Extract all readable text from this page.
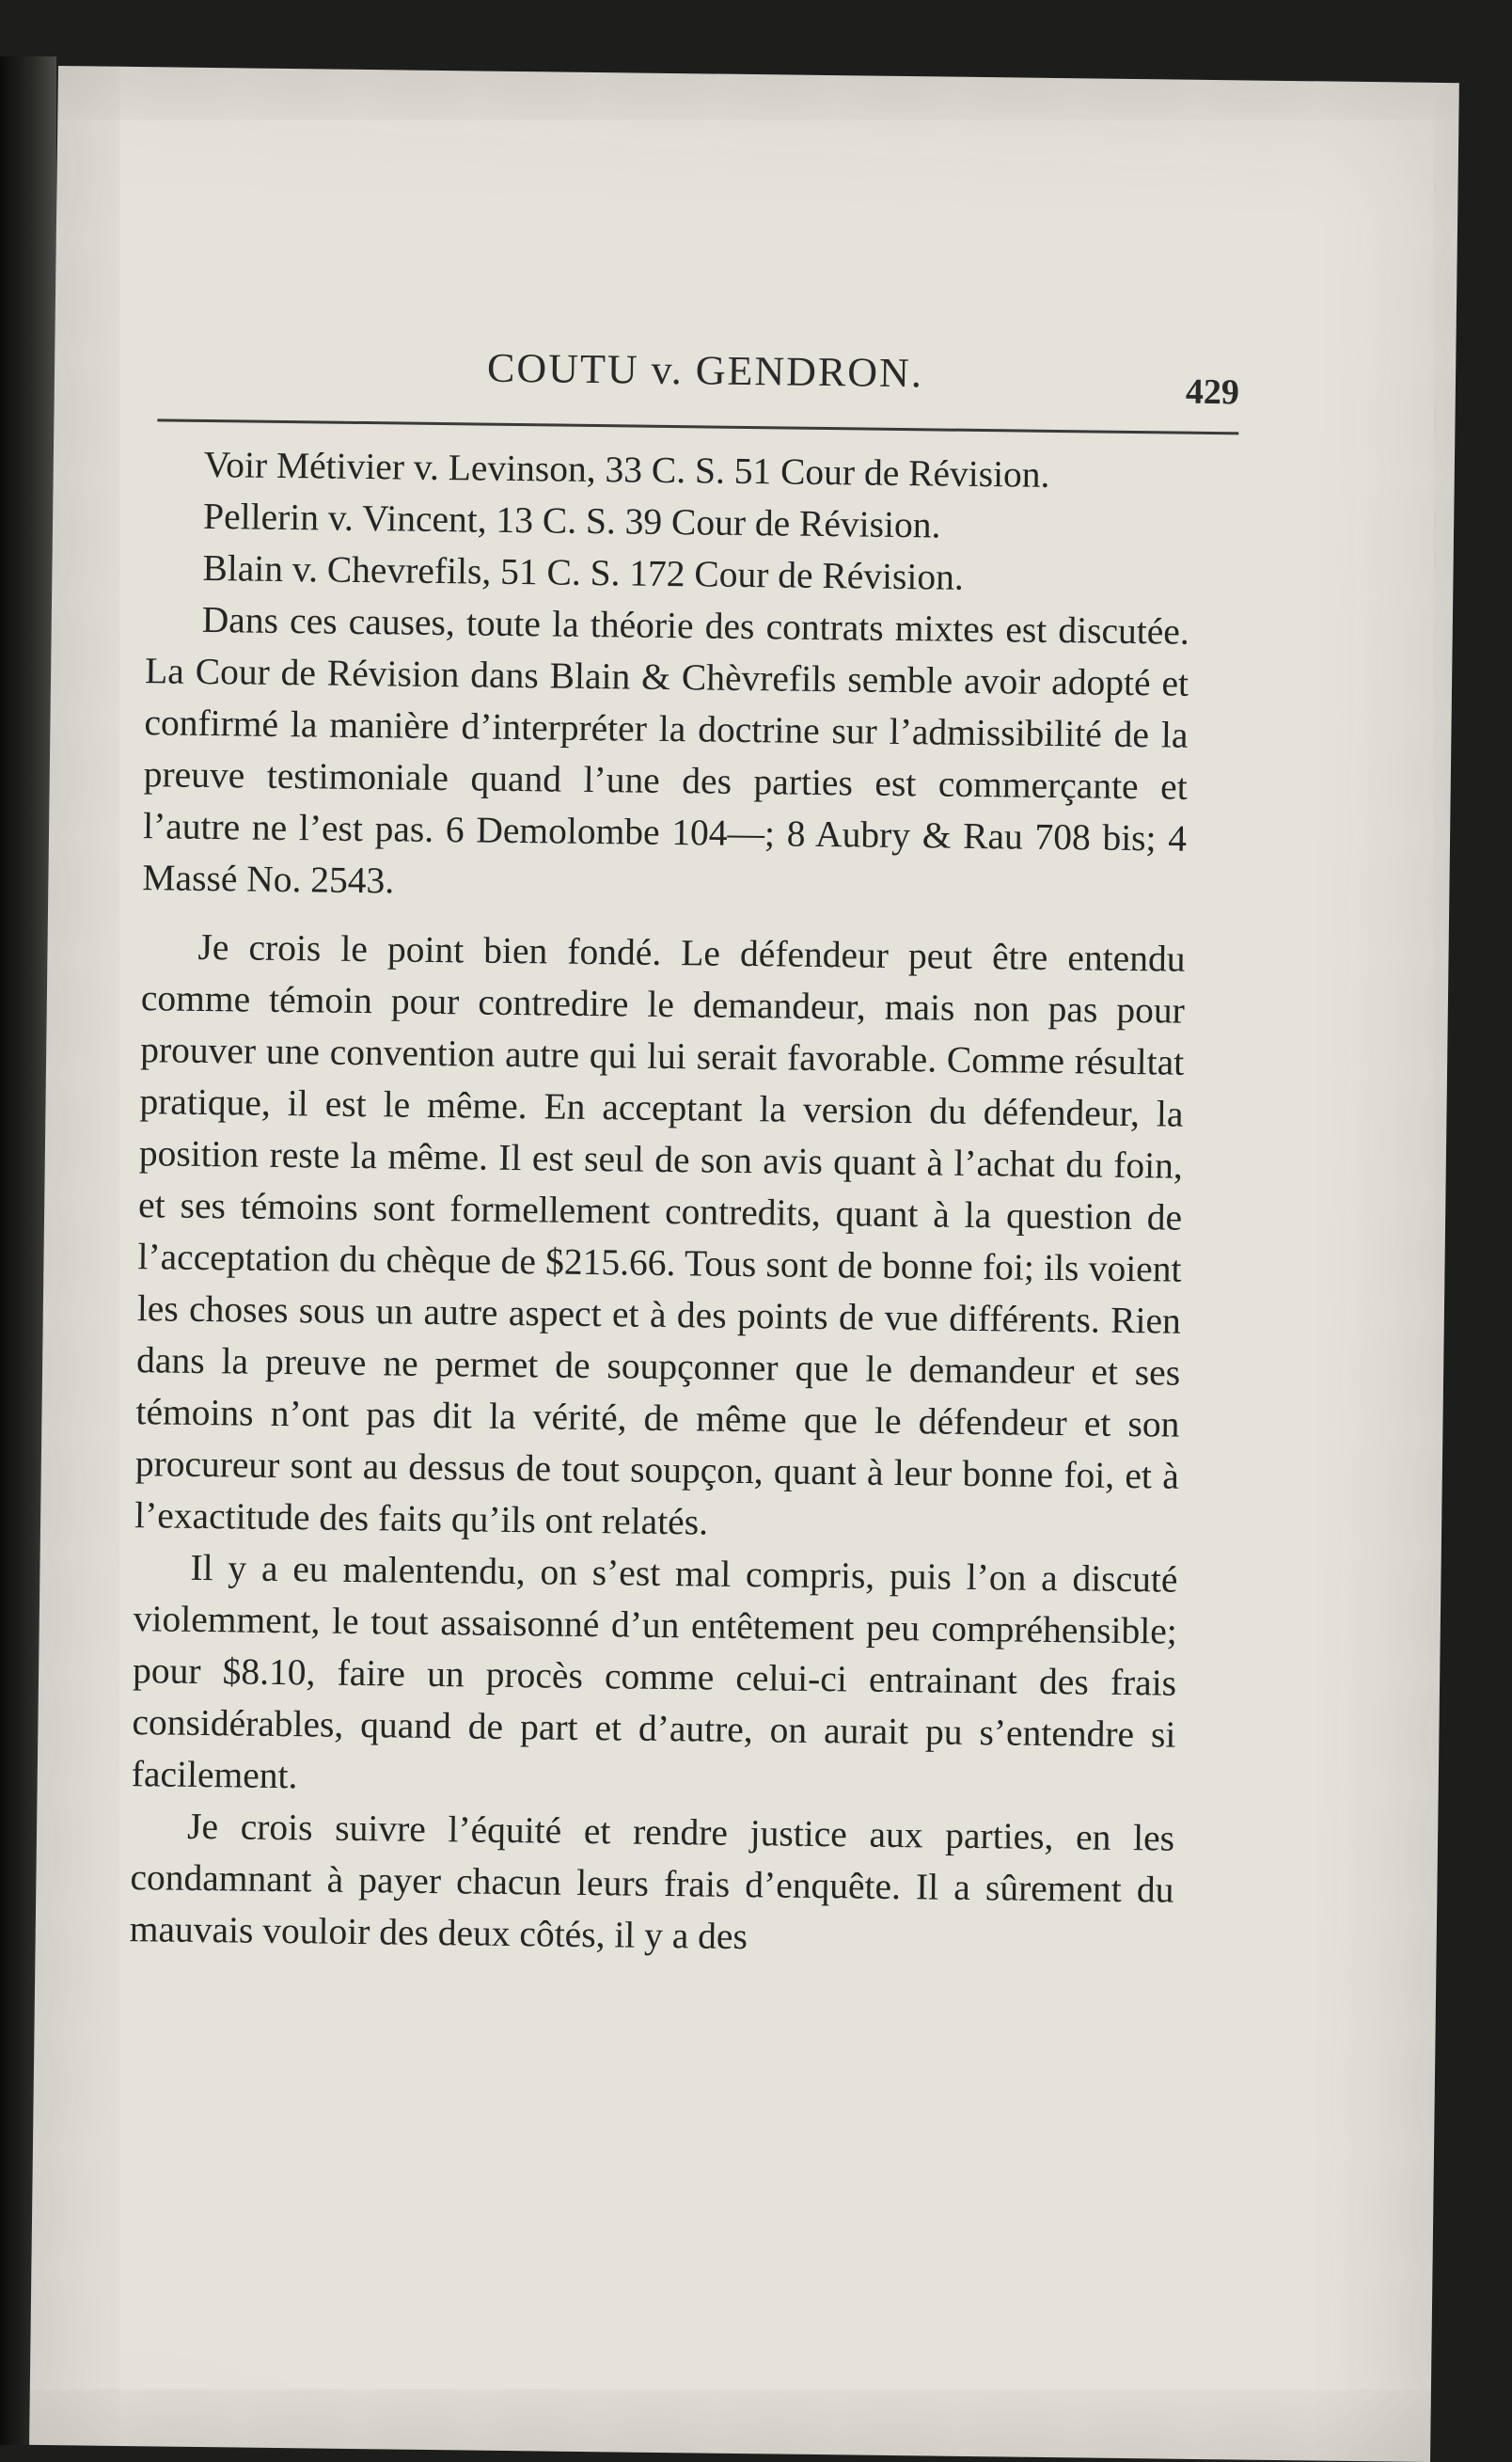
COUTU v. GENDRON.	429

Voir Métivier v. Levinson, 33 C. S. 51 Cour de Révision.

Pellerin v. Vincent, 13 C. S. 39 Cour de Révision.

Blain v. Chevrefils, 51 C. S. 172 Cour de Révision.

Dans ces causes, toute la théorie des contrats mixtes est discutée. La Cour de Révision dans Blain & Chèvrefils semble avoir adopté et confirmé la manière d’interpréter la doctrine sur l’admissibilité de la preuve testimoniale quand l’une des parties est commerçante et l’autre ne l’est pas. 6 Demolombe 104—; 8 Aubry & Rau 708 bis; 4 Massé No. 2543.

Je crois le point bien fondé. Le défendeur peut être entendu comme témoin pour contredire le demandeur, mais non pas pour prouver une convention autre qui lui serait favorable. Comme résultat pratique, il est le même. En acceptant la version du défendeur, la position reste la même. Il est seul de son avis quant à l’achat du foin, et ses témoins sont formellement contredits, quant à la question de l’acceptation du chèque de $215.66. Tous sont de bonne foi; ils voient les choses sous un autre aspect et à des points de vue différents. Rien dans la preuve ne permet de soupçonner que le demandeur et ses témoins n’ont pas dit la vérité, de même que le défendeur et son procureur sont au dessus de tout soupçon, quant à leur bonne foi, et à l’exactitude des faits qu’ils ont relatés.

Il y a eu malentendu, on s’est mal compris, puis l’on a discuté violemment, le tout assaisonné d’un entêtement peu compréhensible; pour $8.10, faire un procès comme celui-ci entrainant des frais considérables, quand de part et d’autre, on aurait pu s’entendre si facilement.

Je crois suivre l’équité et rendre justice aux parties, en les condamnant à payer chacun leurs frais d’enquête. Il a sûrement du mauvais vouloir des deux côtés, il y a des
